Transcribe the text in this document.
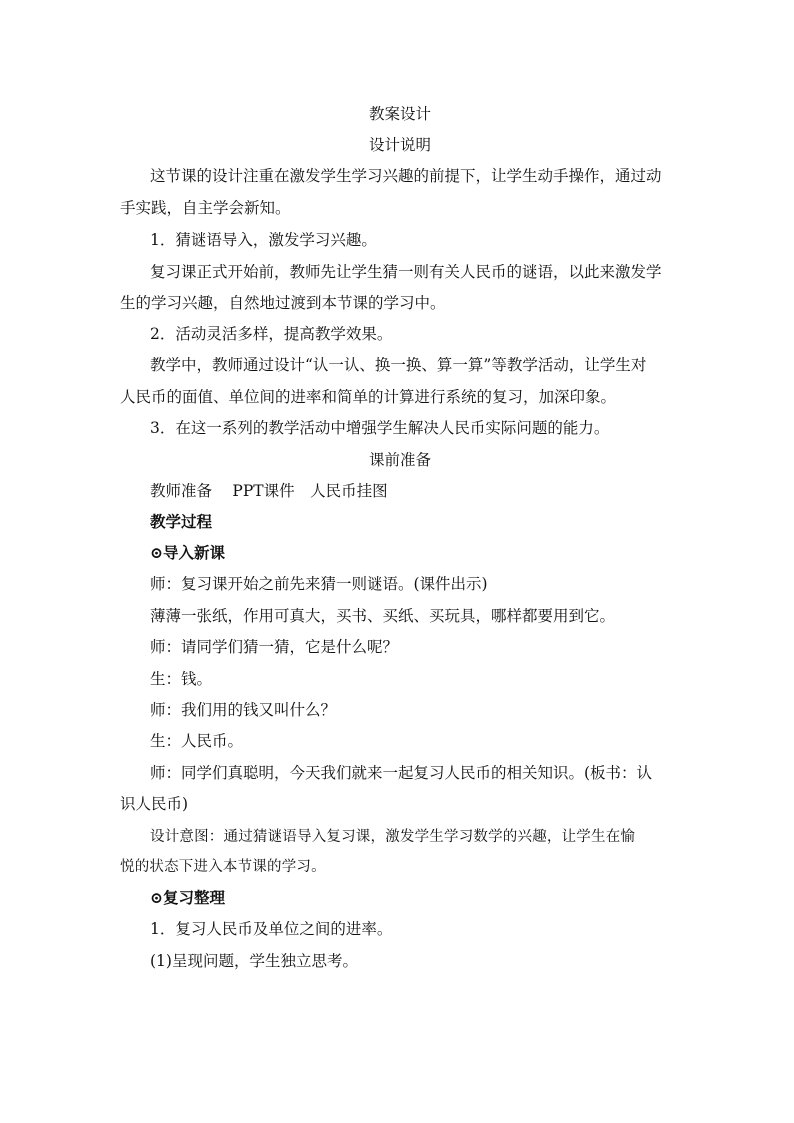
教案设计
设计说明
这节课的设计注重在激发学生学习兴趣的前提下，让学生动手操作，通过动
手实践，自主学会新知。
1．猜谜语导入，激发学习兴趣。
复习课正式开始前，教师先让学生猜一则有关人民币的谜语，以此来激发学
生的学习兴趣，自然地过渡到本节课的学习中。
2．活动灵活多样，提高教学效果。
教学中，教师通过设计“认一认、换一换、算一算”等教学活动，让学生对
人民币的面值、单位间的进率和简单的计算进行系统的复习，加深印象。
3．在这一系列的教学活动中增强学生解决人民币实际问题的能力。
课前准备
教师准备　 PPT课件　人民币挂图
教学过程
⊙导入新课
师：复习课开始之前先来猜一则谜语。(课件出示)
薄薄一张纸，作用可真大，买书、买纸、买玩具，哪样都要用到它。
师：请同学们猜一猜，它是什么呢？
生：钱。
师：我们用的钱又叫什么？
生：人民币。
师：同学们真聪明，今天我们就来一起复习人民币的相关知识。(板书：认
识人民币)
设计意图：通过猜谜语导入复习课，激发学生学习数学的兴趣，让学生在愉
悦的状态下进入本节课的学习。
⊙复习整理
1．复习人民币及单位之间的进率。
(1)呈现问题，学生独立思考。
